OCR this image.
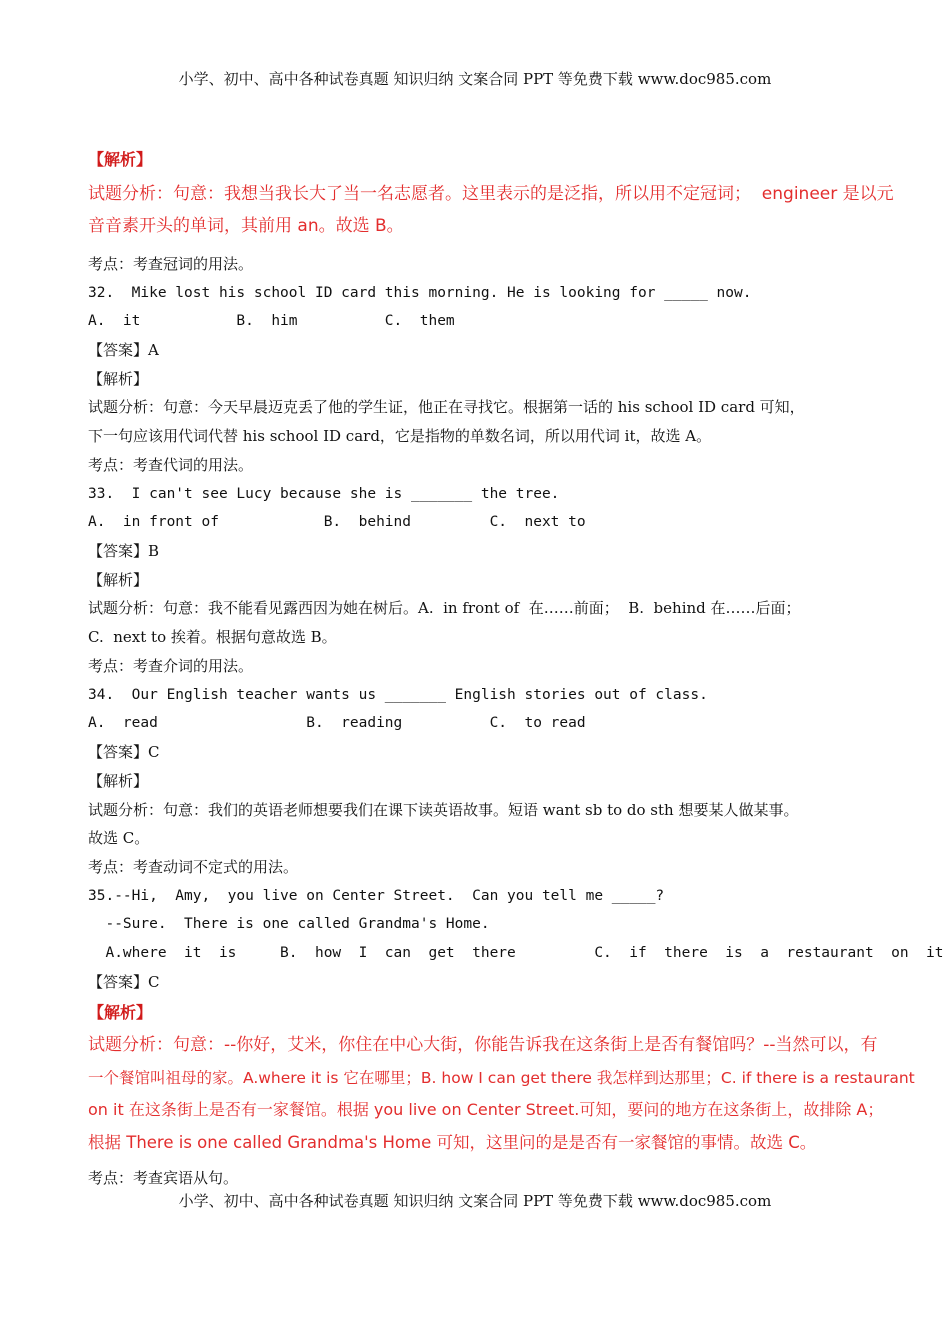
小学、初中、高中各种试卷真题 知识归纳 文案合同 PPT 等免费下载 www.doc985.com
【解析】
试题分析：句意：我想当我长大了当一名志愿者。这里表示的是泛指，所以用不定冠词；  engineer 是以元
音音素开头的单词，其前用 an。故选 B。
考点：考查冠词的用法。
32.  Mike lost his school ID card this morning. He is looking for _____ now.
A.  it           B.  him          C.  them
【答案】A
【解析】
试题分析：句意：今天早晨迈克丢了他的学生证，他正在寻找它。根据第一话的 his school ID card 可知，
下一句应该用代词代替 his school ID card，它是指物的单数名词，所以用代词 it，故选 A。
考点：考查代词的用法。
33.  I can't see Lucy because she is _______ the tree.
A.  in front of            B.  behind         C.  next to
【答案】B
【解析】
试题分析：句意：我不能看见露西因为她在树后。A.  in front of  在……前面；  B.  behind 在……后面；
C.  next to 挨着。根据句意故选 B。
考点：考查介词的用法。
34.  Our English teacher wants us _______ English stories out of class.
A.  read                 B.  reading          C.  to read
【答案】C
【解析】
试题分析：句意：我们的英语老师想要我们在课下读英语故事。短语 want sb to do sth 想要某人做某事。
故选 C。
考点：考查动词不定式的用法。
35.--Hi,  Amy,  you live on Center Street.  Can you tell me _____?
--Sure.  There is one called Grandma's Home.
A.where  it  is     B.  how  I  can  get  there         C.  if  there  is  a  restaurant  on  it
【答案】C
【解析】
试题分析：句意：--你好，艾米，你住在中心大街，你能告诉我在这条街上是否有餐馆吗？--当然可以，有
一个餐馆叫祖母的家。A.where it is 它在哪里；B. how I can get there 我怎样到达那里；C. if there is a restaurant
on it 在这条街上是否有一家餐馆。根据 you live on Center Street.可知，要问的地方在这条街上，故排除 A；
根据 There is one called Grandma's Home 可知，这里问的是是否有一家餐馆的事情。故选 C。
考点：考查宾语从句。
小学、初中、高中各种试卷真题 知识归纳 文案合同 PPT 等免费下载 www.doc985.com
